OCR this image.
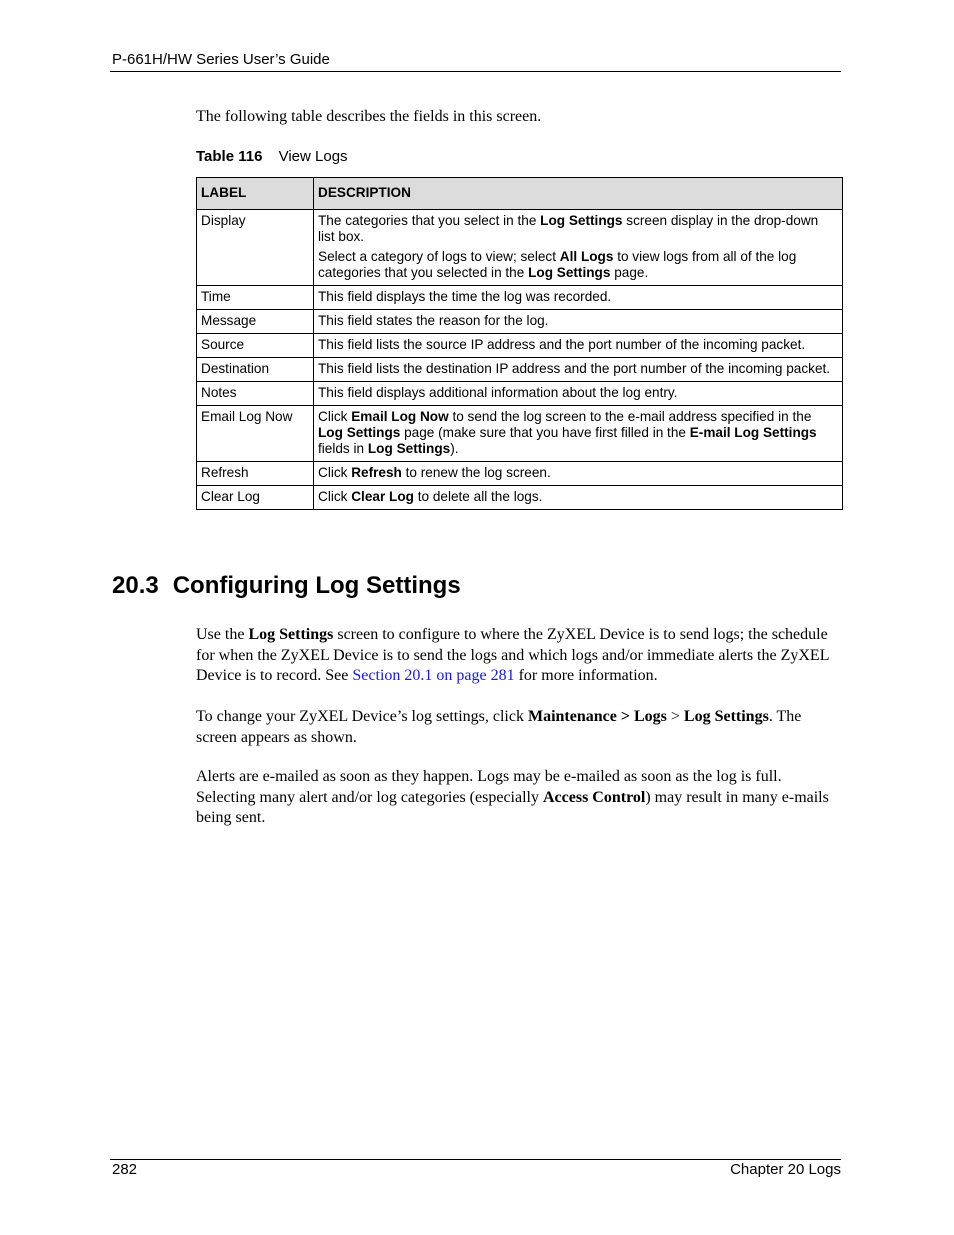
P-661H/HW Series User’s Guide

The following table describes the fields in this screen.

Table 116 View Logs
LABEL	DESCRIPTION
Display	The categories that you select in the Log Settings screen display in the drop-down list box.

Select a category of logs to view; select All Logs to view logs from all of the log categories that you selected in the Log Settings page.

Time	This field displays the time the log was recorded.
Message	This field states the reason for the log.
Source	This field lists the source IP address and the port number of the incoming packet.
Destination	This field lists the destination IP address and the port number of the incoming packet.
Notes	This field displays additional information about the log entry.
Email Log Now	Click Email Log Now to send the log screen to the e-mail address specified in the Log Settings page (make sure that you have first filled in the E-mail Log Settings fields in Log Settings).
Refresh	Click Refresh to renew the log screen.
Clear Log	Click Clear Log to delete all the logs.
20.3 Configuring Log Settings

Use the Log Settings screen to configure to where the ZyXEL Device is to send logs; the schedule for when the ZyXEL Device is to send the logs and which logs and/or immediate alerts the ZyXEL Device is to record. See Section 20.1 on page 281 for more information.

To change your ZyXEL Device’s log settings, click Maintenance > Logs > Log Settings. The screen appears as shown.

Alerts are e-mailed as soon as they happen. Logs may be e-mailed as soon as the log is full. Selecting many alert and/or log categories (especially Access Control) may result in many e-mails being sent.

282	Chapter 20 Logs
